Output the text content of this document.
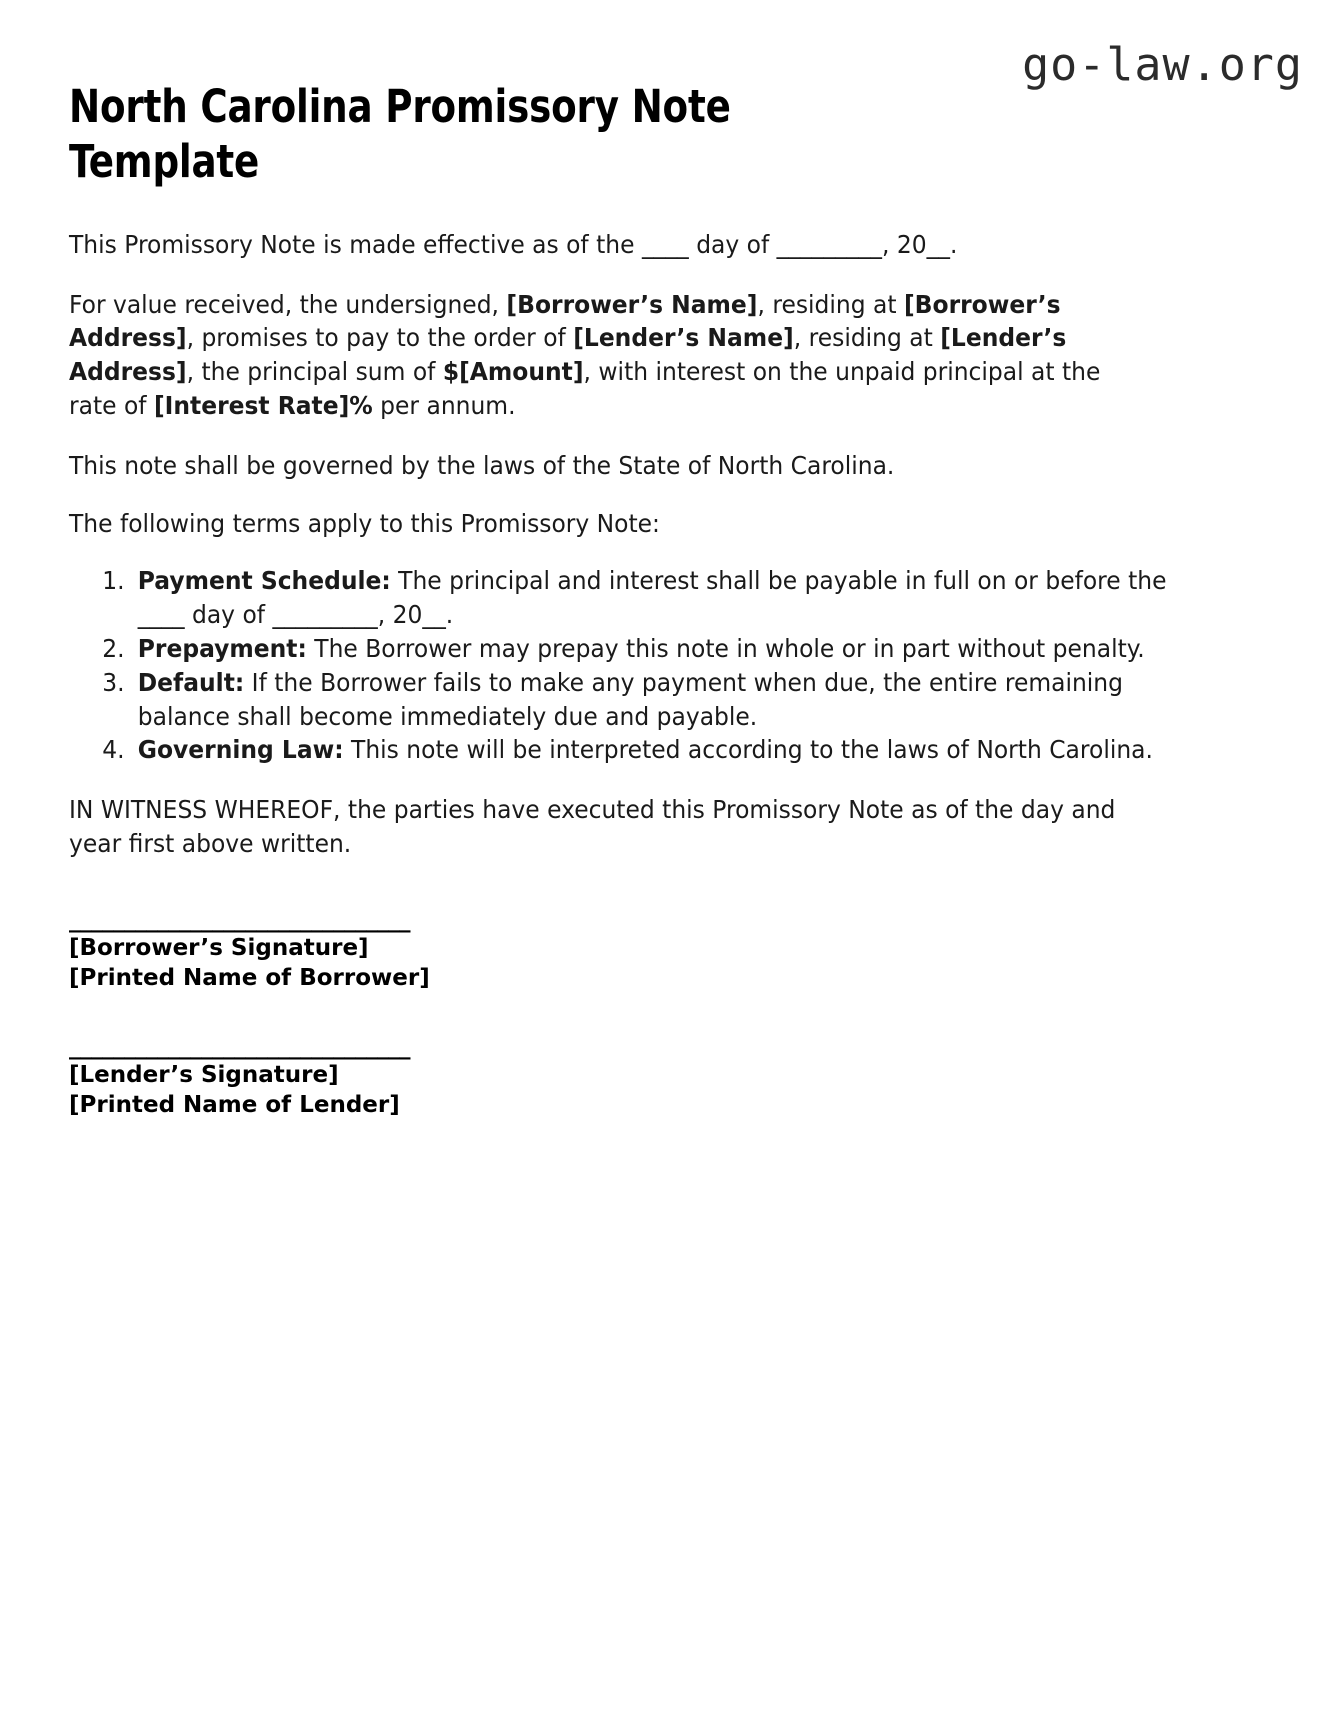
go-law.org
North Carolina Promissory Note Template

This Promissory Note is made effective as of the ____ day of _________, 20__.

For value received, the undersigned, [Borrower’s Name], residing at [Borrower’s Address], promises to pay to the order of [Lender’s Name], residing at [Lender’s Address], the principal sum of $[Amount], with interest on the unpaid principal at the rate of [Interest Rate]% per annum.

This note shall be governed by the laws of the State of North Carolina.

The following terms apply to this Promissory Note:

1. Payment Schedule: The principal and interest shall be payable in full on or before the ____ day of _________, 20__.
2. Prepayment: The Borrower may prepay this note in whole or in part without penalty.
3. Default: If the Borrower fails to make any payment when due, the entire remaining balance shall become immediately due and payable.
4. Governing Law: This note will be interpreted according to the laws of North Carolina.

IN WITNESS WHEREOF, the parties have executed this Promissory Note as of the day and year first above written.

_______________________________
[Borrower’s Signature]
[Printed Name of Borrower]
_______________________________
[Lender’s Signature]
[Printed Name of Lender]
